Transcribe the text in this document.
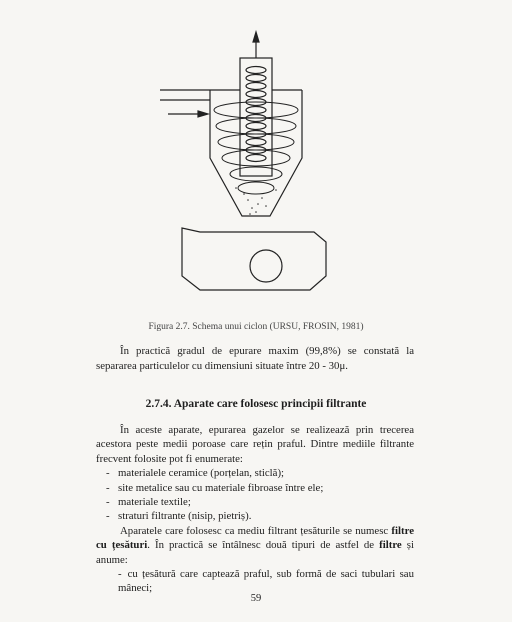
Figura 2.7. Schema unui ciclon (URSU, FROSIN, 1981)
În practică gradul de epurare maxim (99,8%) se constată la separarea particulelor cu dimensiuni situate între 20 - 30μ.
2.7.4. Aparate care folosesc principii filtrante

În aceste aparate, epurarea gazelor se realizează prin trecerea acestora peste medii poroase care rețin praful. Dintre mediile filtrante frecvent folosite pot fi enumerate:

- materialele ceramice (porțelan, sticlă);
- site metalice sau cu materiale fibroase între ele;
- materiale textile;
- straturi filtrante (nisip, pietriș).

Aparatele care folosesc ca mediu filtrant țesăturile se numesc filtre cu țesături. În practică se întâlnesc două tipuri de astfel de filtre și anume:

- cu țesătură care captează praful, sub formă de saci tubulari sau mâneci;

59
